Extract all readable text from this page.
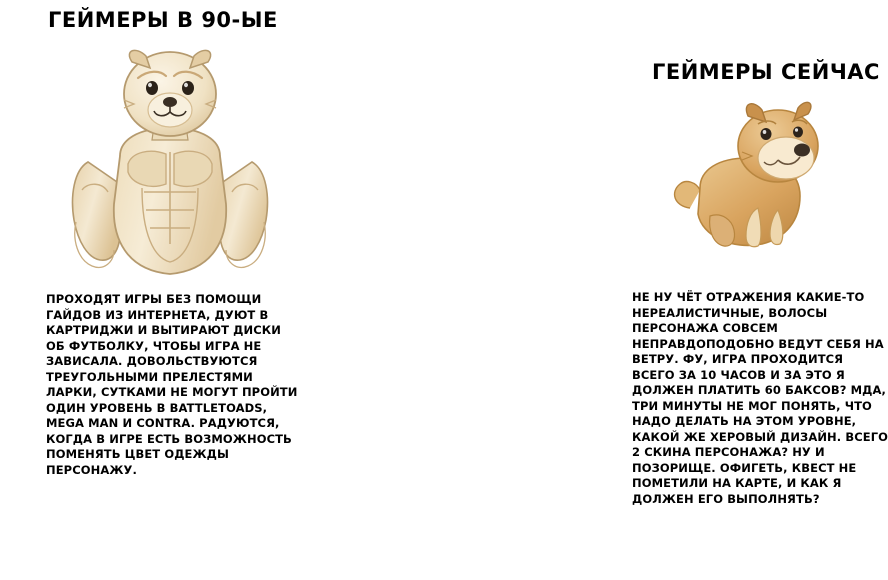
ГЕЙМЕРЫ В 90-ЫЕ
ПРОХОДЯТ ИГРЫ БЕЗ ПОМОЩИ ГАЙДОВ ИЗ ИНТЕРНЕТА, ДУЮТ В КАРТРИДЖИ И ВЫТИРАЮТ ДИСКИ ОБ ФУТБОЛКУ, ЧТОБЫ ИГРА НЕ ЗАВИСАЛА. ДОВОЛЬСТВУЮТСЯ ТРЕУГОЛЬНЫМИ ПРЕЛЕСТЯМИ ЛАРКИ, СУТКАМИ НЕ МОГУТ ПРОЙТИ ОДИН УРОВЕНЬ В BATTLETOADS, MEGA MAN И CONTRA. РАДУЮТСЯ, КОГДА В ИГРЕ ЕСТЬ ВОЗМОЖНОСТЬ ПОМЕНЯТЬ ЦВЕТ ОДЕЖДЫ ПЕРСОНАЖУ.
ГЕЙМЕРЫ СЕЙЧАС
НЕ НУ ЧЁТ ОТРАЖЕНИЯ КАКИЕ-ТО НЕРЕАЛИСТИЧНЫЕ, ВОЛОСЫ ПЕРСОНАЖА СОВСЕМ НЕПРАВДОПОДОБНО ВЕДУТ СЕБЯ НА ВЕТРУ. ФУ, ИГРА ПРОХОДИТСЯ ВСЕГО ЗА 10 ЧАСОВ И ЗА ЭТО Я ДОЛЖЕН ПЛАТИТЬ 60 БАКСОВ? МДА, ТРИ МИНУТЫ НЕ МОГ ПОНЯТЬ, ЧТО НАДО ДЕЛАТЬ НА ЭТОМ УРОВНЕ, КАКОЙ ЖЕ ХЕРОВЫЙ ДИЗАЙН. ВСЕГО 2 СКИНА ПЕРСОНАЖА? НУ И ПОЗОРИЩЕ. ОФИГЕТЬ, КВЕСТ НЕ ПОМЕТИЛИ НА КАРТЕ, И КАК Я ДОЛЖЕН ЕГО ВЫПОЛНЯТЬ?
